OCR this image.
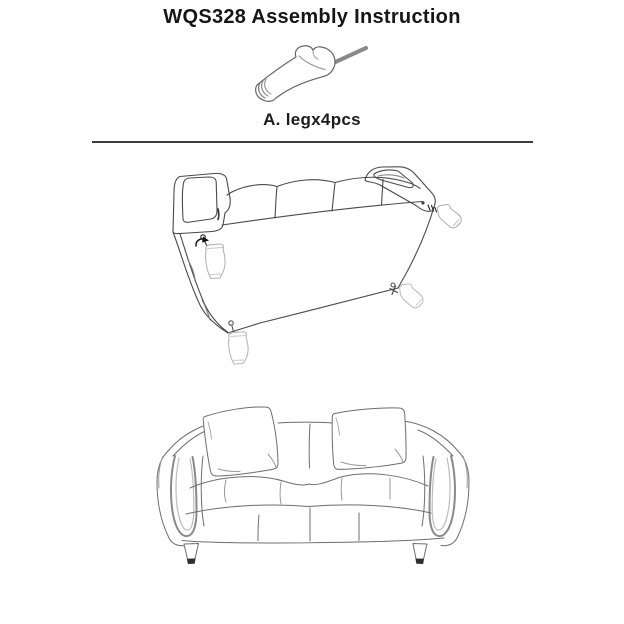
WQS328 Assembly Instruction
A. legx4pcs
